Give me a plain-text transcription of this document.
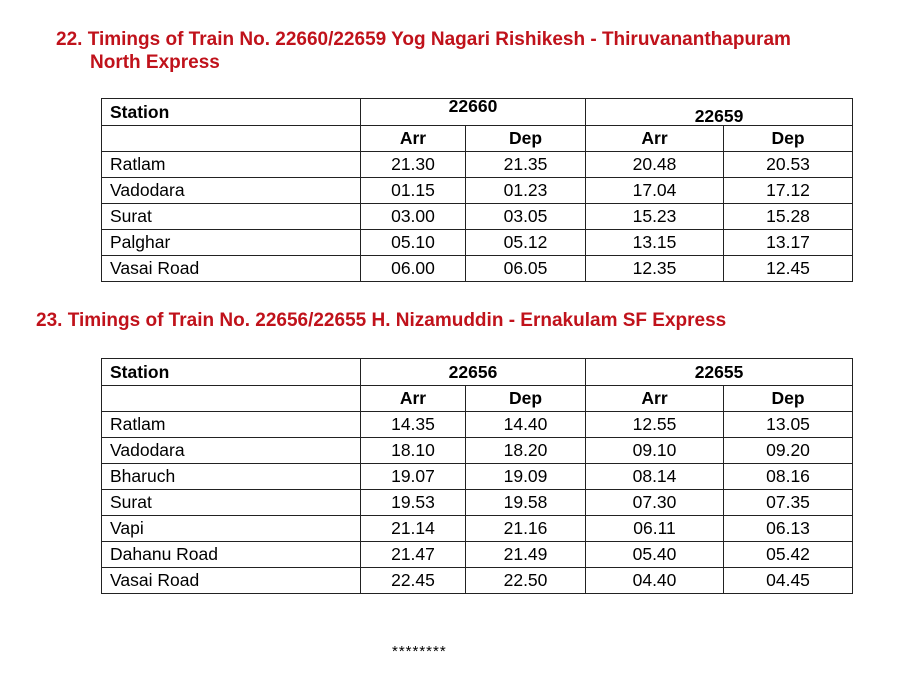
22. Timings of Train No. 22660/22659 Yog Nagari Rishikesh - Thiruvananthapuram
North Express
Station	22660		22659	
	Arr	Dep	Arr	Dep
Ratlam	21.30	21.35	20.48	20.53
Vadodara	01.15	01.23	17.04	17.12
Surat	03.00	03.05	15.23	15.28
Palghar	05.10	05.12	13.15	13.17
Vasai Road	06.00	06.05	12.35	12.45
23. Timings of Train No. 22656/22655 H. Nizamuddin - Ernakulam SF Express
Station	22656		22655	
	Arr	Dep	Arr	Dep
Ratlam	14.35	14.40	12.55	13.05
Vadodara	18.10	18.20	09.10	09.20
Bharuch	19.07	19.09	08.14	08.16
Surat	19.53	19.58	07.30	07.35
Vapi	21.14	21.16	06.11	06.13
Dahanu Road	21.47	21.49	05.40	05.42
Vasai Road	22.45	22.50	04.40	04.45
********
